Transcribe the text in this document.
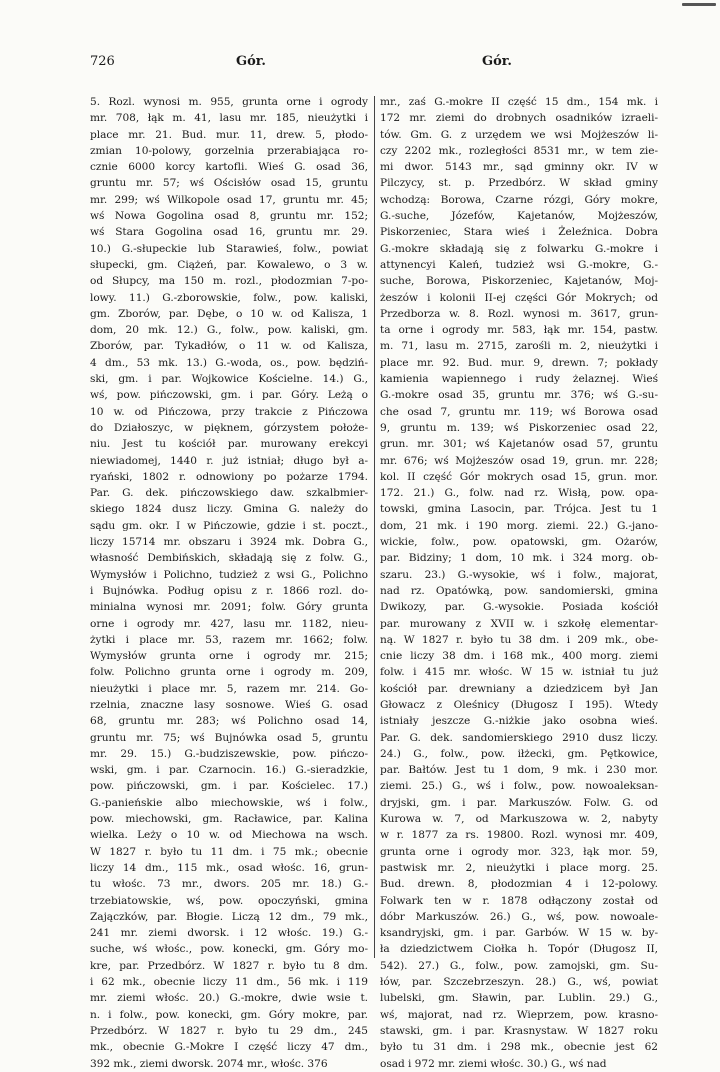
726	Gór.	Gór.
5. Rozl. wynosi m. 955, grunta orne i ogrody
mr. 708, łąk m. 41, lasu mr. 185, nieużytki i
place mr. 21. Bud. mur. 11, drew. 5, płodo-
zmian 10-polowy, gorzelnia przerabiająca ro-
cznie 6000 korcy kartofli. Wieś G. osad 36,
gruntu mr. 57; wś Ościsłów osad 15, gruntu
mr. 299; wś Wilkopole osad 17, gruntu mr. 45;
wś Nowa Gogolina osad 8, gruntu mr. 152;
wś Stara Gogolina osad 16, gruntu mr. 29.
10.) G.-słupeckie lub Starawieś, folw., powiat
słupecki, gm. Ciążeń, par. Kowalewo, o 3 w.
od Słupcy, ma 150 m. rozl., płodozmian 7-po-
lowy. 11.) G.-zborowskie, folw., pow. kaliski,
gm. Zborów, par. Dębe, o 10 w. od Kalisza, 1
dom, 20 mk. 12.) G., folw., pow. kaliski, gm.
Zborów, par. Tykadłów, o 11 w. od Kalisza,
4 dm., 53 mk. 13.) G.-woda, os., pow. będziń-
ski, gm. i par. Wojkowice Kościelne. 14.) G.,
wś, pow. pińczowski, gm. i par. Góry. Leżą o
10 w. od Pińczowa, przy trakcie z Pińczowa
do Działoszyc, w pięknem, górzystem położe-
niu. Jest tu kościół par. murowany erekcyi
niewiadomej, 1440 r. już istniał; długo był a-
ryański, 1802 r. odnowiony po pożarze 1794.
Par. G. dek. pińczowskiego daw. szkalbmier-
skiego 1824 dusz liczy. Gmina G. należy do
sądu gm. okr. I w Pińczowie, gdzie i st. poczt.,
liczy 15714 mr. obszaru i 3924 mk. Dobra G.,
własność Dembińskich, składają się z folw. G.,
Wymysłów i Polichno, tudzież z wsi G., Polichno
i Bujnówka. Podług opisu z r. 1866 rozl. do-
minialna wynosi mr. 2091; folw. Góry grunta
orne i ogrody mr. 427, lasu mr. 1182, nieu-
żytki i place mr. 53, razem mr. 1662; folw.
Wymysłów grunta orne i ogrody mr. 215;
folw. Polichno grunta orne i ogrody m. 209,
nieużytki i place mr. 5, razem mr. 214. Go-
rzelnia, znaczne lasy sosnowe. Wieś G. osad
68, gruntu mr. 283; wś Polichno osad 14,
gruntu mr. 75; wś Bujnówka osad 5, gruntu
mr. 29. 15.) G.-budziszewskie, pow. pińczo-
wski, gm. i par. Czarnocin. 16.) G.-sieradzkie,
pow. pińczowski, gm. i par. Kościelec. 17.)
G.-panieńskie albo miechowskie, wś i folw.,
pow. miechowski, gm. Racławice, par. Kalina
wielka. Leży o 10 w. od Miechowa na wsch.
W 1827 r. było tu 11 dm. i 75 mk.; obecnie
liczy 14 dm., 115 mk., osad włośc. 16, grun-
tu włośc. 73 mr., dwors. 205 mr. 18.) G.-
trzebiatowskie, wś, pow. opoczyński, gmina
Zajączków, par. Błogie. Liczą 12 dm., 79 mk.,
241 mr. ziemi dworsk. i 12 włośc. 19.) G.-
suche, wś włośc., pow. konecki, gm. Góry mo-
kre, par. Przedbórz. W 1827 r. było tu 8 dm.
i 62 mk., obecnie liczy 11 dm., 56 mk. i 119
mr. ziemi włośc. 20.) G.-mokre, dwie wsie t.
n. i folw., pow. konecki, gm. Góry mokre, par.
Przedbórz. W 1827 r. było tu 29 dm., 245
mk., obecnie G.-Mokre I część liczy 47 dm.,
392 mk., ziemi dworsk. 2074 mr., włośc. 376
mr., zaś G.-mokre II część 15 dm., 154 mk. i
172 mr. ziemi do drobnych osadników izraeli-
tów. Gm. G. z urzędem we wsi Mojżeszów li-
czy 2202 mk., rozległości 8531 mr., w tem zie-
mi dwor. 5143 mr., sąd gminny okr. IV w
Pilczycy, st. p. Przedbórz. W skład gminy
wchodzą: Borowa, Czarne rózgi, Góry mokre,
G.-suche, Józefów, Kajetanów, Mojżeszów,
Piskorzeniec, Stara wieś i Żeleźnica. Dobra
G.-mokre składają się z folwarku G.-mokre i
attynencyi Kaleń, tudzież wsi G.-mokre, G.-
suche, Borowa, Piskorzeniec, Kajetanów, Moj-
żeszów i kolonii II-ej części Gór Mokrych; od
Przedborza w. 8. Rozl. wynosi m. 3617, grun-
ta orne i ogrody mr. 583, łąk mr. 154, pastw.
m. 71, lasu m. 2715, zarośli m. 2, nieużytki i
place mr. 92. Bud. mur. 9, drewn. 7; pokłady
kamienia wapiennego i rudy żelaznej. Wieś
G.-mokre osad 35, gruntu mr. 376; wś G.-su-
che osad 7, gruntu mr. 119; wś Borowa osad
9, gruntu m. 139; wś Piskorzeniec osad 22,
grun. mr. 301; wś Kajetanów osad 57, gruntu
mr. 676; wś Mojżeszów osad 19, grun. mr. 228;
kol. II część Gór mokrych osad 15, grun. mor.
172. 21.) G., folw. nad rz. Wisłą, pow. opa-
towski, gmina Lasocin, par. Trójca. Jest tu 1
dom, 21 mk. i 190 morg. ziemi. 22.) G.-jano-
wickie, folw., pow. opatowski, gm. Ożarów,
par. Bidziny; 1 dom, 10 mk. i 324 morg. ob-
szaru. 23.) G.-wysokie, wś i folw., majorat,
nad rz. Opatówką, pow. sandomierski, gmina
Dwikozy, par. G.-wysokie. Posiada kościół
par. murowany z XVII w. i szkołę elementar-
ną. W 1827 r. było tu 38 dm. i 209 mk., obe-
cnie liczy 38 dm. i 168 mk., 400 morg. ziemi
folw. i 415 mr. włośc. W 15 w. istniał tu już
kościół par. drewniany a dziedzicem był Jan
Głowacz z Oleśnicy (Długosz I 195). Wtedy
istniały jeszcze G.-niżkie jako osobna wieś.
Par. G. dek. sandomierskiego 2910 dusz liczy.
24.) G., folw., pow. iłżecki, gm. Pętkowice,
par. Bałtów. Jest tu 1 dom, 9 mk. i 230 mor.
ziemi. 25.) G., wś i folw., pow. nowoaleksan-
dryjski, gm. i par. Markuszów. Folw. G. od
Kurowa w. 7, od Markuszowa w. 2, nabyty
w r. 1877 za rs. 19800. Rozl. wynosi mr. 409,
grunta orne i ogrody mor. 323, łąk mor. 59,
pastwisk mr. 2, nieużytki i place morg. 25.
Bud. drewn. 8, płodozmian 4 i 12-polowy.
Folwark ten w r. 1878 odłączony został od
dóbr Markuszów. 26.) G., wś, pow. nowoale-
ksandryjski, gm. i par. Garbów. W 15 w. by-
ła dziedzictwem Ciołka h. Topór (Długosz II,
542). 27.) G., folw., pow. zamojski, gm. Su-
łów, par. Szczebrzeszyn. 28.) G., wś, powiat
lubelski, gm. Sławin, par. Lublin. 29.) G.,
wś, majorat, nad rz. Wieprzem, pow. krasno-
stawski, gm. i par. Krasnystaw. W 1827 roku
było tu 31 dm. i 298 mk., obecnie jest 62
osad i 972 mr. ziemi włośc. 30.) G., wś nad
